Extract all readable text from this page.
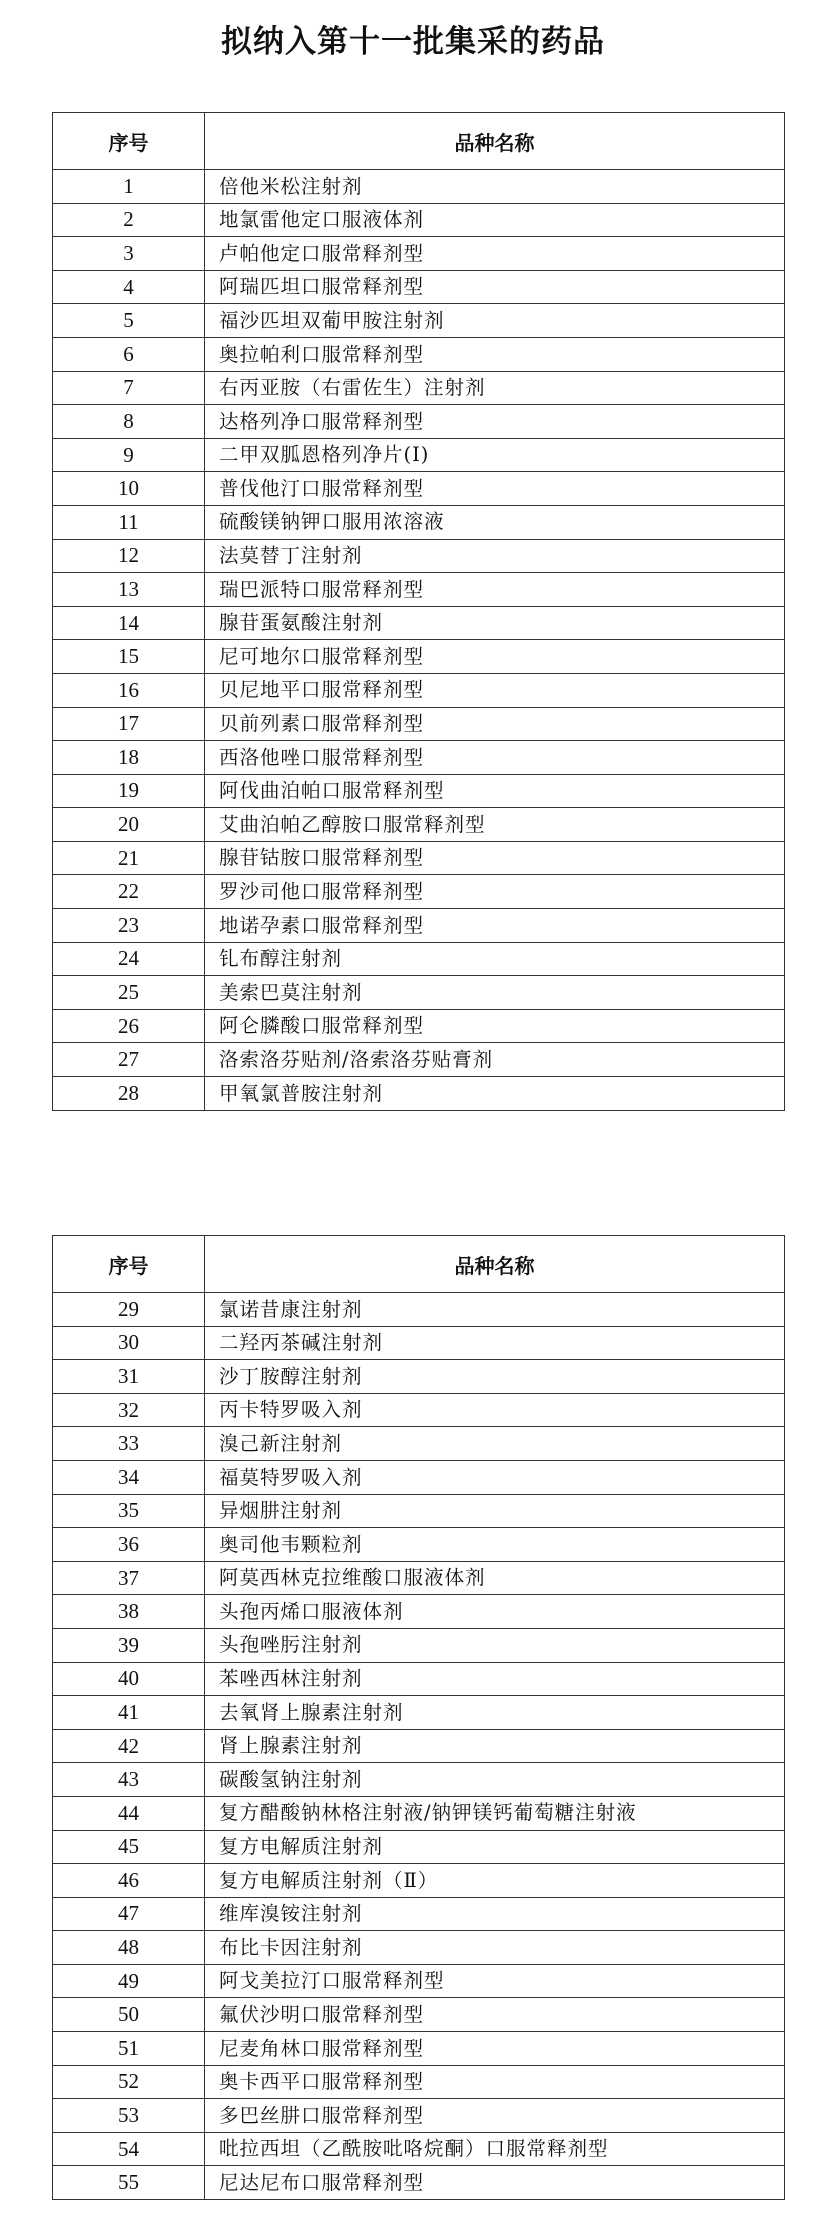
拟纳入第十一批集采的药品
序号	品种名称
1	倍他米松注射剂
2	地氯雷他定口服液体剂
3	卢帕他定口服常释剂型
4	阿瑞匹坦口服常释剂型
5	福沙匹坦双葡甲胺注射剂
6	奥拉帕利口服常释剂型
7	右丙亚胺（右雷佐生）注射剂
8	达格列净口服常释剂型
9	二甲双胍恩格列净片(I)
10	普伐他汀口服常释剂型
11	硫酸镁钠钾口服用浓溶液
12	法莫替丁注射剂
13	瑞巴派特口服常释剂型
14	腺苷蛋氨酸注射剂
15	尼可地尔口服常释剂型
16	贝尼地平口服常释剂型
17	贝前列素口服常释剂型
18	西洛他唑口服常释剂型
19	阿伐曲泊帕口服常释剂型
20	艾曲泊帕乙醇胺口服常释剂型
21	腺苷钴胺口服常释剂型
22	罗沙司他口服常释剂型
23	地诺孕素口服常释剂型
24	钆布醇注射剂
25	美索巴莫注射剂
26	阿仑膦酸口服常释剂型
27	洛索洛芬贴剂/洛索洛芬贴膏剂
28	甲氧氯普胺注射剂
序号	品种名称
29	氯诺昔康注射剂
30	二羟丙茶碱注射剂
31	沙丁胺醇注射剂
32	丙卡特罗吸入剂
33	溴己新注射剂
34	福莫特罗吸入剂
35	异烟肼注射剂
36	奥司他韦颗粒剂
37	阿莫西林克拉维酸口服液体剂
38	头孢丙烯口服液体剂
39	头孢唑肟注射剂
40	苯唑西林注射剂
41	去氧肾上腺素注射剂
42	肾上腺素注射剂
43	碳酸氢钠注射剂
44	复方醋酸钠林格注射液/钠钾镁钙葡萄糖注射液
45	复方电解质注射剂
46	复方电解质注射剂（Ⅱ）
47	维库溴铵注射剂
48	布比卡因注射剂
49	阿戈美拉汀口服常释剂型
50	氟伏沙明口服常释剂型
51	尼麦角林口服常释剂型
52	奥卡西平口服常释剂型
53	多巴丝肼口服常释剂型
54	吡拉西坦（乙酰胺吡咯烷酮）口服常释剂型
55	尼达尼布口服常释剂型
